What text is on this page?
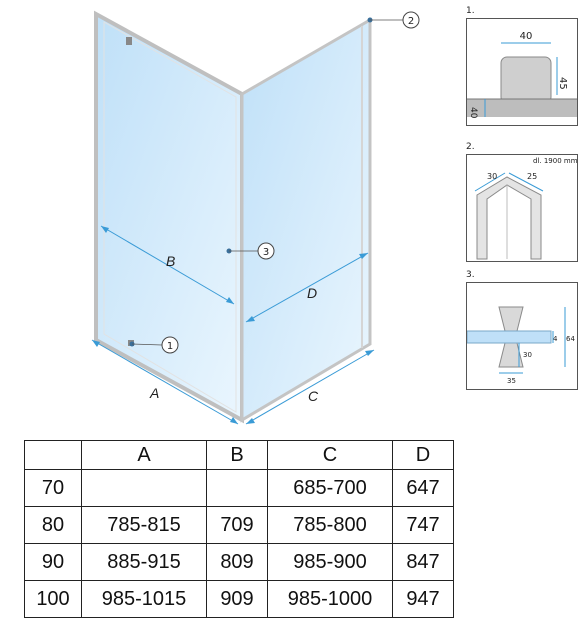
B
D
A	C
1
2
3
1.
40
45
40
2.
dl. 1900 mm
30	25
3.
4 64
30
35
	A	B	C	D
70			685-700	647
80	785-815	709	785-800	747
90	885-915	809	985-900	847
100	985-1015	909	985-1000	947
